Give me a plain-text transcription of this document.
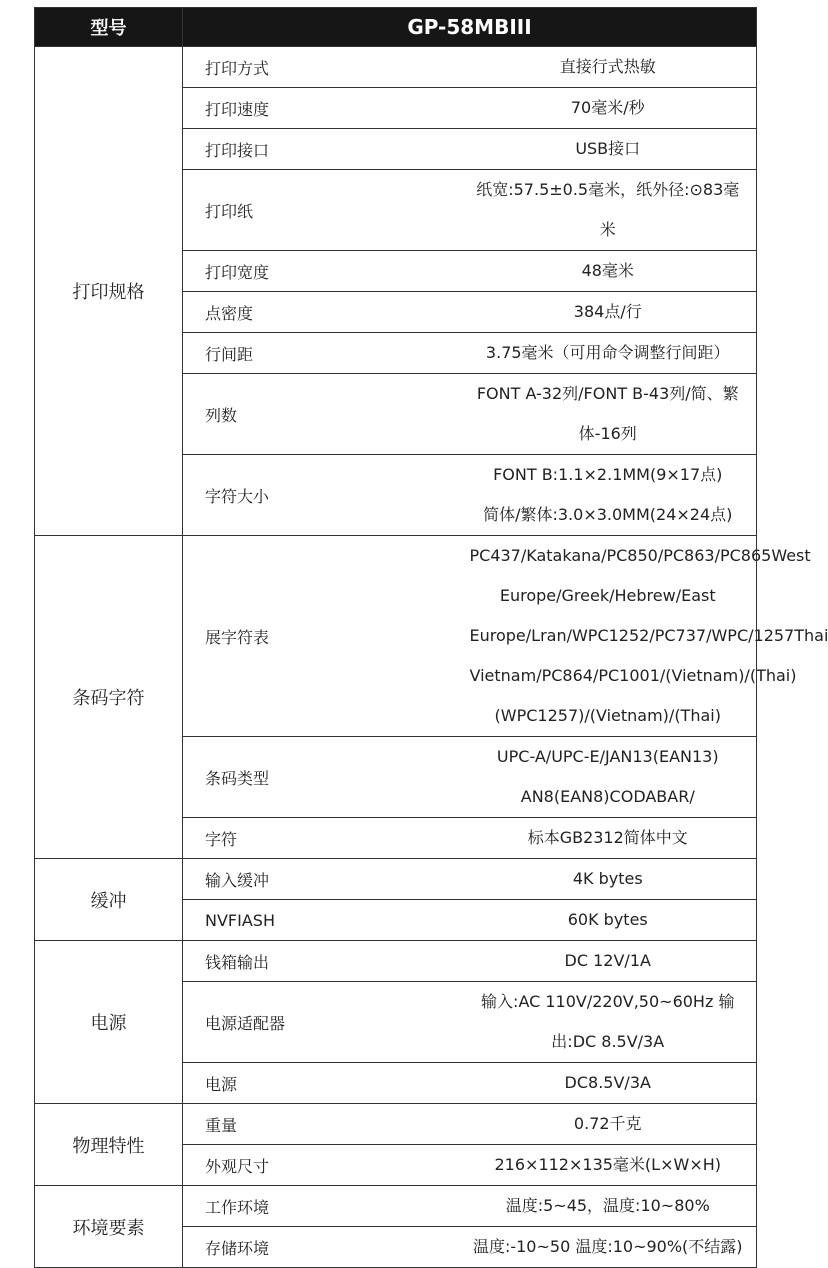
型号	GP-58MBIII	
打印规格	打印方式	直接行式热敏

	打印速度	70毫米/秒

	打印接口	USB接口

	打印纸	纸宽:57.5±0.5毫米，纸外径:⊙83毫米

	打印宽度	48毫米

	点密度	384点/行

	行间距	3.75毫米（可用命令调整行间距）

	列数	FONT A-32列/FONT B-43列/简、繁体-16列

	字符大小	FONT B:1.1×2.1MM(9×17点)
简体/繁体:3.0×3.0MM(24×24点)

条码字符	展字符表	PC437/Katakana/PC850/PC863/PC865West
Europe/Greek/Hebrew/East
Europe/Lran/WPC1252/PC737/WPC/1257Thai
Vietnam/PC864/PC1001/(Vietnam)/(Thai)
(WPC1257)/(Vietnam)/(Thai)

	条码类型	UPC-A/UPC-E/JAN13(EAN13)
AN8(EAN8)CODABAR/

	字符	标本GB2312简体中文

缓冲	输入缓冲	4K bytes

	NVFIASH	60K bytes

电源	钱箱输出	DC 12V/1A

	电源适配器	输入:AC 110V/220V,50~60Hz 输出:DC 8.5V/3A

	电源	DC8.5V/3A

物理特性	重量	0.72千克

	外观尺寸	216×112×135毫米(L×W×H)

环境要素	工作环境	温度:5~45，温度:10~80%

	存储环境	温度:-10~50 温度:10~90%(不结露)
